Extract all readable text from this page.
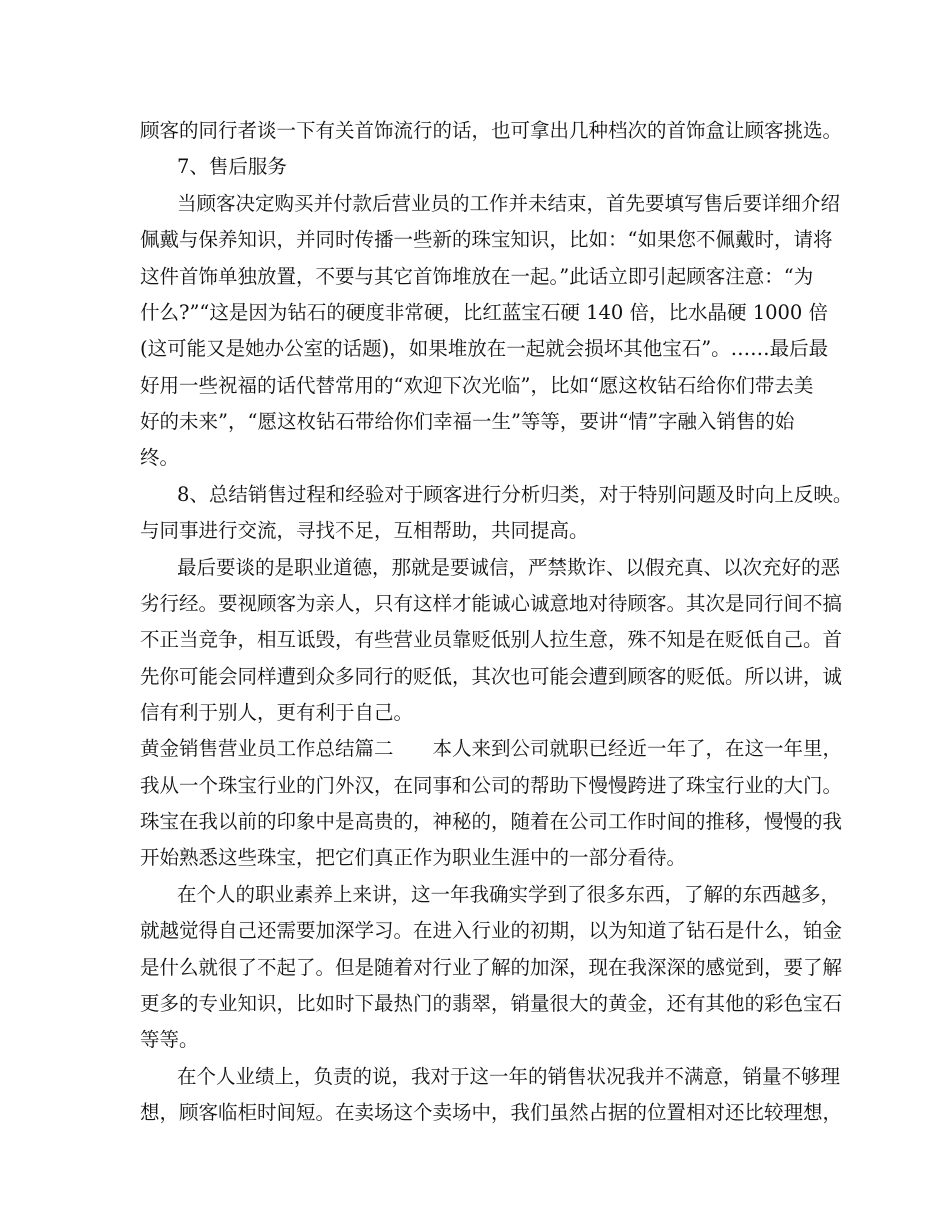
顾客的同行者谈一下有关首饰流行的话，也可拿出几种档次的首饰盒让顾客挑选。
7、售后服务
当顾客决定购买并付款后营业员的工作并未结束，首先要填写售后要详细介绍
佩戴与保养知识，并同时传播一些新的珠宝知识，比如：“如果您不佩戴时，请将
这件首饰单独放置，不要与其它首饰堆放在一起。”此话立即引起顾客注意：“为
什么?”“这是因为钻石的硬度非常硬，比红蓝宝石硬 140 倍，比水晶硬 1000 倍
(这可能又是她办公室的话题)，如果堆放在一起就会损坏其他宝石”。……最后最
好用一些祝福的话代替常用的“欢迎下次光临”，比如“愿这枚钻石给你们带去美
好的未来”，“愿这枚钻石带给你们幸福一生”等等，要讲“情”字融入销售的始
终。
8、总结销售过程和经验对于顾客进行分析归类，对于特别问题及时向上反映。
与同事进行交流，寻找不足，互相帮助，共同提高。
最后要谈的是职业道德，那就是要诚信，严禁欺诈、以假充真、以次充好的恶
劣行经。要视顾客为亲人，只有这样才能诚心诚意地对待顾客。其次是同行间不搞
不正当竞争，相互诋毁，有些营业员靠贬低别人拉生意，殊不知是在贬低自己。首
先你可能会同样遭到众多同行的贬低，其次也可能会遭到顾客的贬低。所以讲，诚
信有利于别人，更有利于自己。
黄金销售营业员工作总结篇二　　本人来到公司就职已经近一年了，在这一年里，
我从一个珠宝行业的门外汉，在同事和公司的帮助下慢慢跨进了珠宝行业的大门。
珠宝在我以前的印象中是高贵的，神秘的，随着在公司工作时间的推移，慢慢的我
开始熟悉这些珠宝，把它们真正作为职业生涯中的一部分看待。
在个人的职业素养上来讲，这一年我确实学到了很多东西，了解的东西越多，
就越觉得自己还需要加深学习。在进入行业的初期，以为知道了钻石是什么，铂金
是什么就很了不起了。但是随着对行业了解的加深，现在我深深的感觉到，要了解
更多的专业知识，比如时下最热门的翡翠，销量很大的黄金，还有其他的彩色宝石
等等。
在个人业绩上，负责的说，我对于这一年的销售状况我并不满意，销量不够理
想，顾客临柜时间短。在卖场这个卖场中，我们虽然占据的位置相对还比较理想，
